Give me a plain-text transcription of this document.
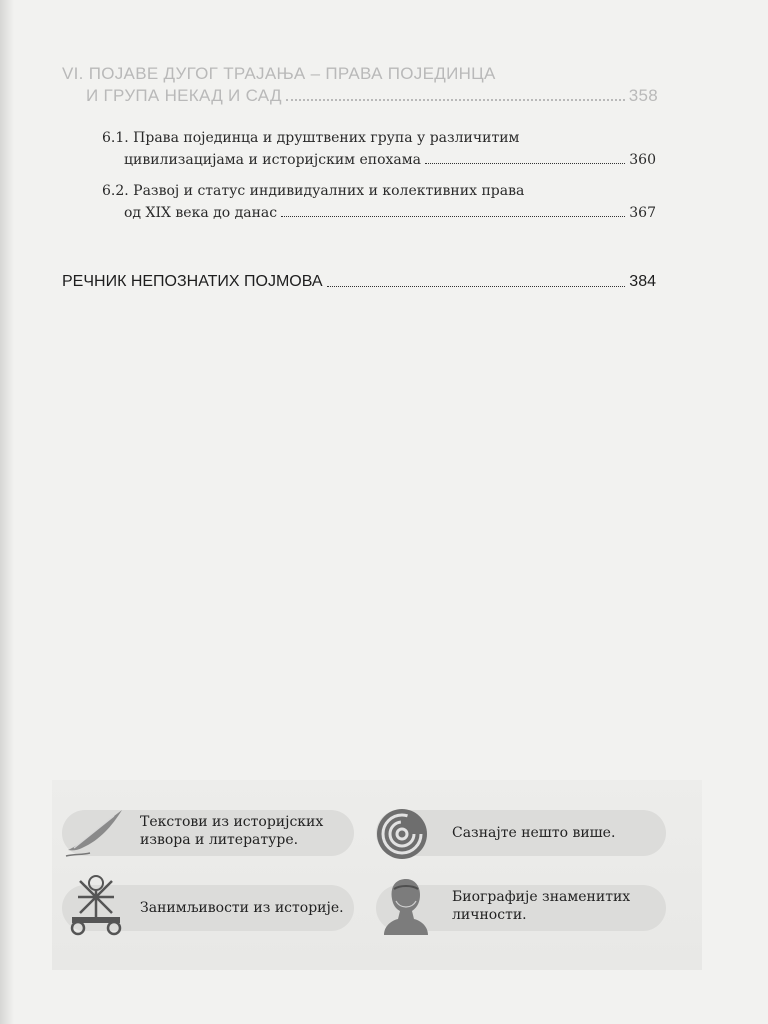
VI. ПОЈАВЕ ДУГОГ ТРАЈАЊА – ПРАВА ПОЈЕДИНЦА
И ГРУПА НЕКАД И САД	358
6.1. Права појединца и друштвених група у различитим
цивилизацијама и историјским епохама	360
6.2. Развој и статус индивидуалних и колективних права
од XIX века до данас	367
РЕЧНИК НЕПОЗНАТИХ ПОЈМОВА	384
Текстови из историјских
извора и литературе.	Сазнајте нешто више.
Занимљивости из историје.
Биографије знаменитих
личности.
